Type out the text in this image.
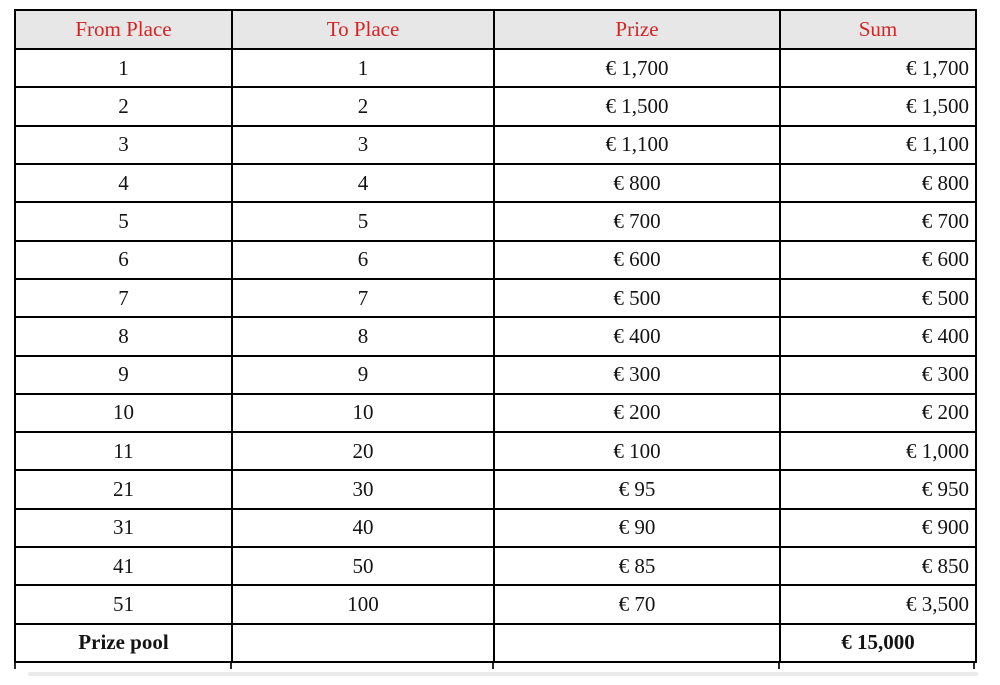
From Place	To Place	Prize	Sum
1	1	€ 1,700	€ 1,700
2	2	€ 1,500	€ 1,500
3	3	€ 1,100	€ 1,100
4	4	€ 800	€ 800
5	5	€ 700	€ 700
6	6	€ 600	€ 600
7	7	€ 500	€ 500
8	8	€ 400	€ 400
9	9	€ 300	€ 300
10	10	€ 200	€ 200
11	20	€ 100	€ 1,000
21	30	€ 95	€ 950
31	40	€ 90	€ 900
41	50	€ 85	€ 850
51	100	€ 70	€ 3,500
Prize pool			€ 15,000
